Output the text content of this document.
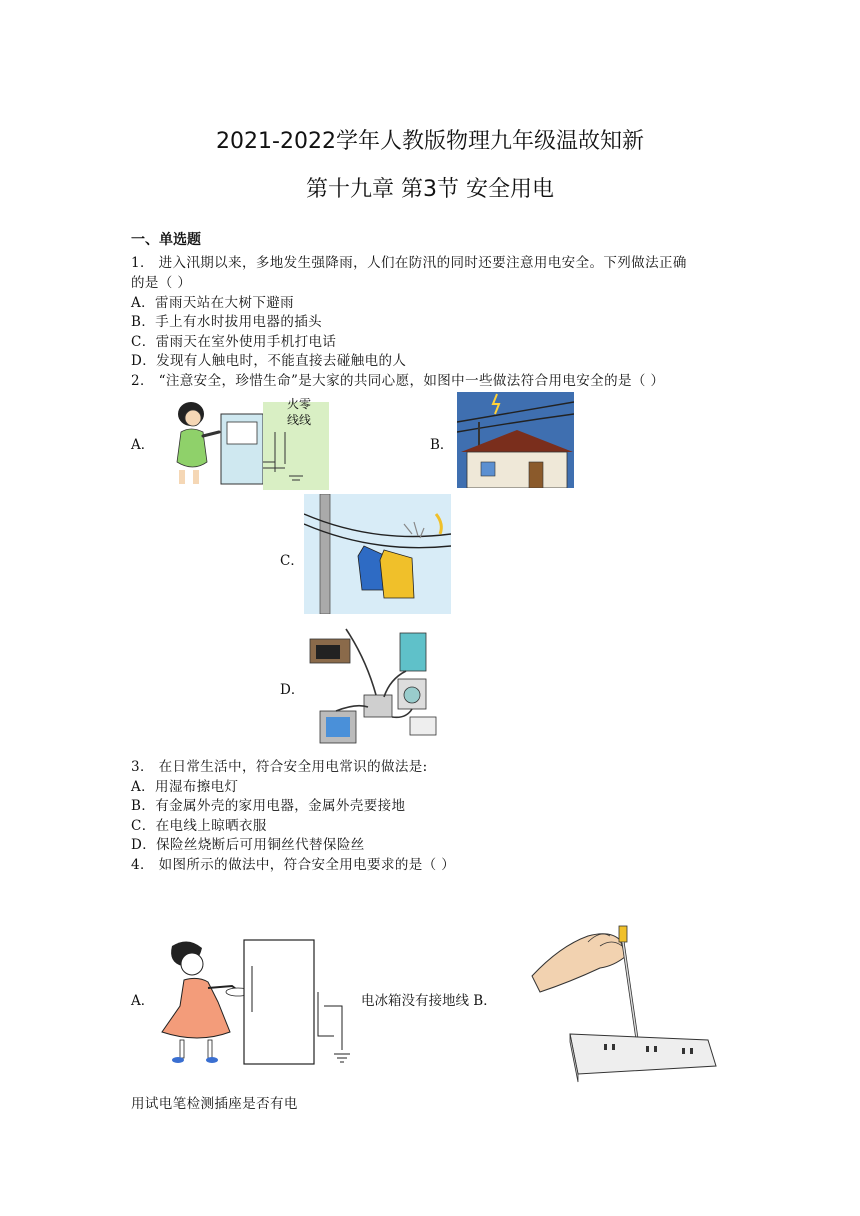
2021-2022学年人教版物理九年级温故知新
第十九章 第3节 安全用电
一、单选题
1． 进入汛期以来，多地发生强降雨，人们在防汛的同时还要注意用电安全。下列做法正确
的是（ ）
A．雷雨天站在大树下避雨
B．手上有水时拔用电器的插头
C．雷雨天在室外使用手机打电话
D．发现有人触电时，不能直接去碰触电的人
2． “注意安全，珍惜生命”是大家的共同心愿，如图中一些做法符合用电安全的是（ ）
A．
火零
线线
B．
C．
D．
3． 在日常生活中，符合安全用电常识的做法是:
A．用湿布擦电灯
B．有金属外壳的家用电器，金属外壳要接地
C．在电线上晾晒衣服
D．保险丝烧断后可用铜丝代替保险丝
4． 如图所示的做法中，符合安全用电要求的是（ ）
A．	电冰箱没有接地线 B．
用试电笔检测插座是否有电
